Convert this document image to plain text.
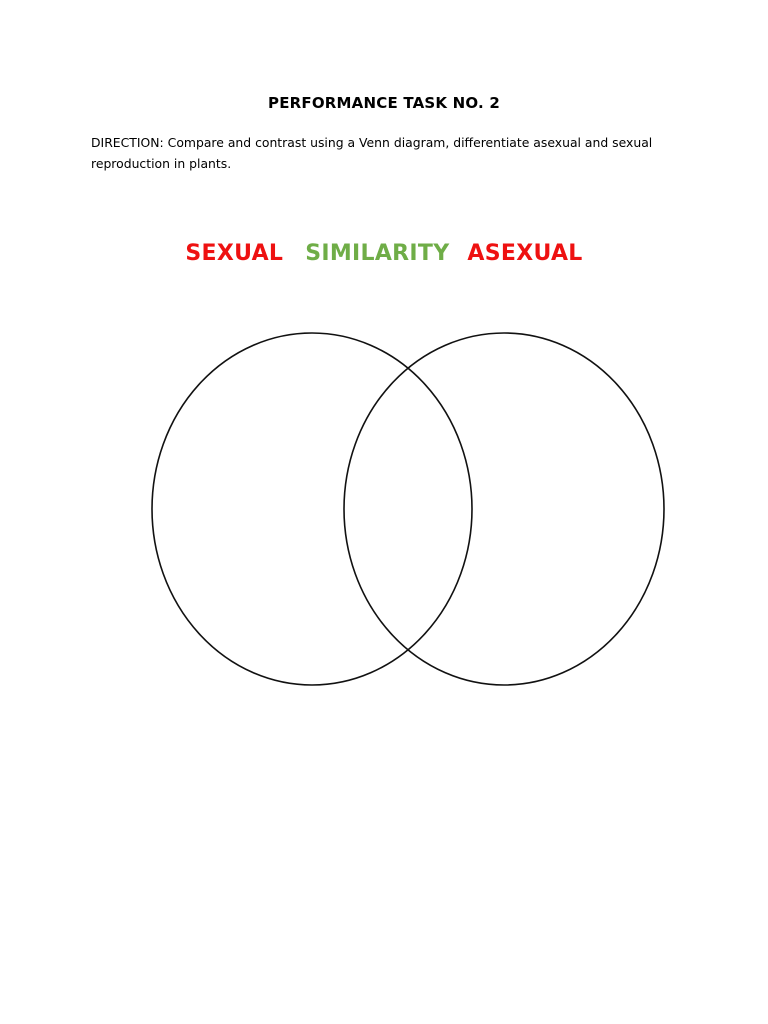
PERFORMANCE TASK NO. 2
DIRECTION: Compare and contrast using a Venn diagram, differentiate asexual and sexual reproduction in plants.
SEXUAL SIMILARITY ASEXUAL
